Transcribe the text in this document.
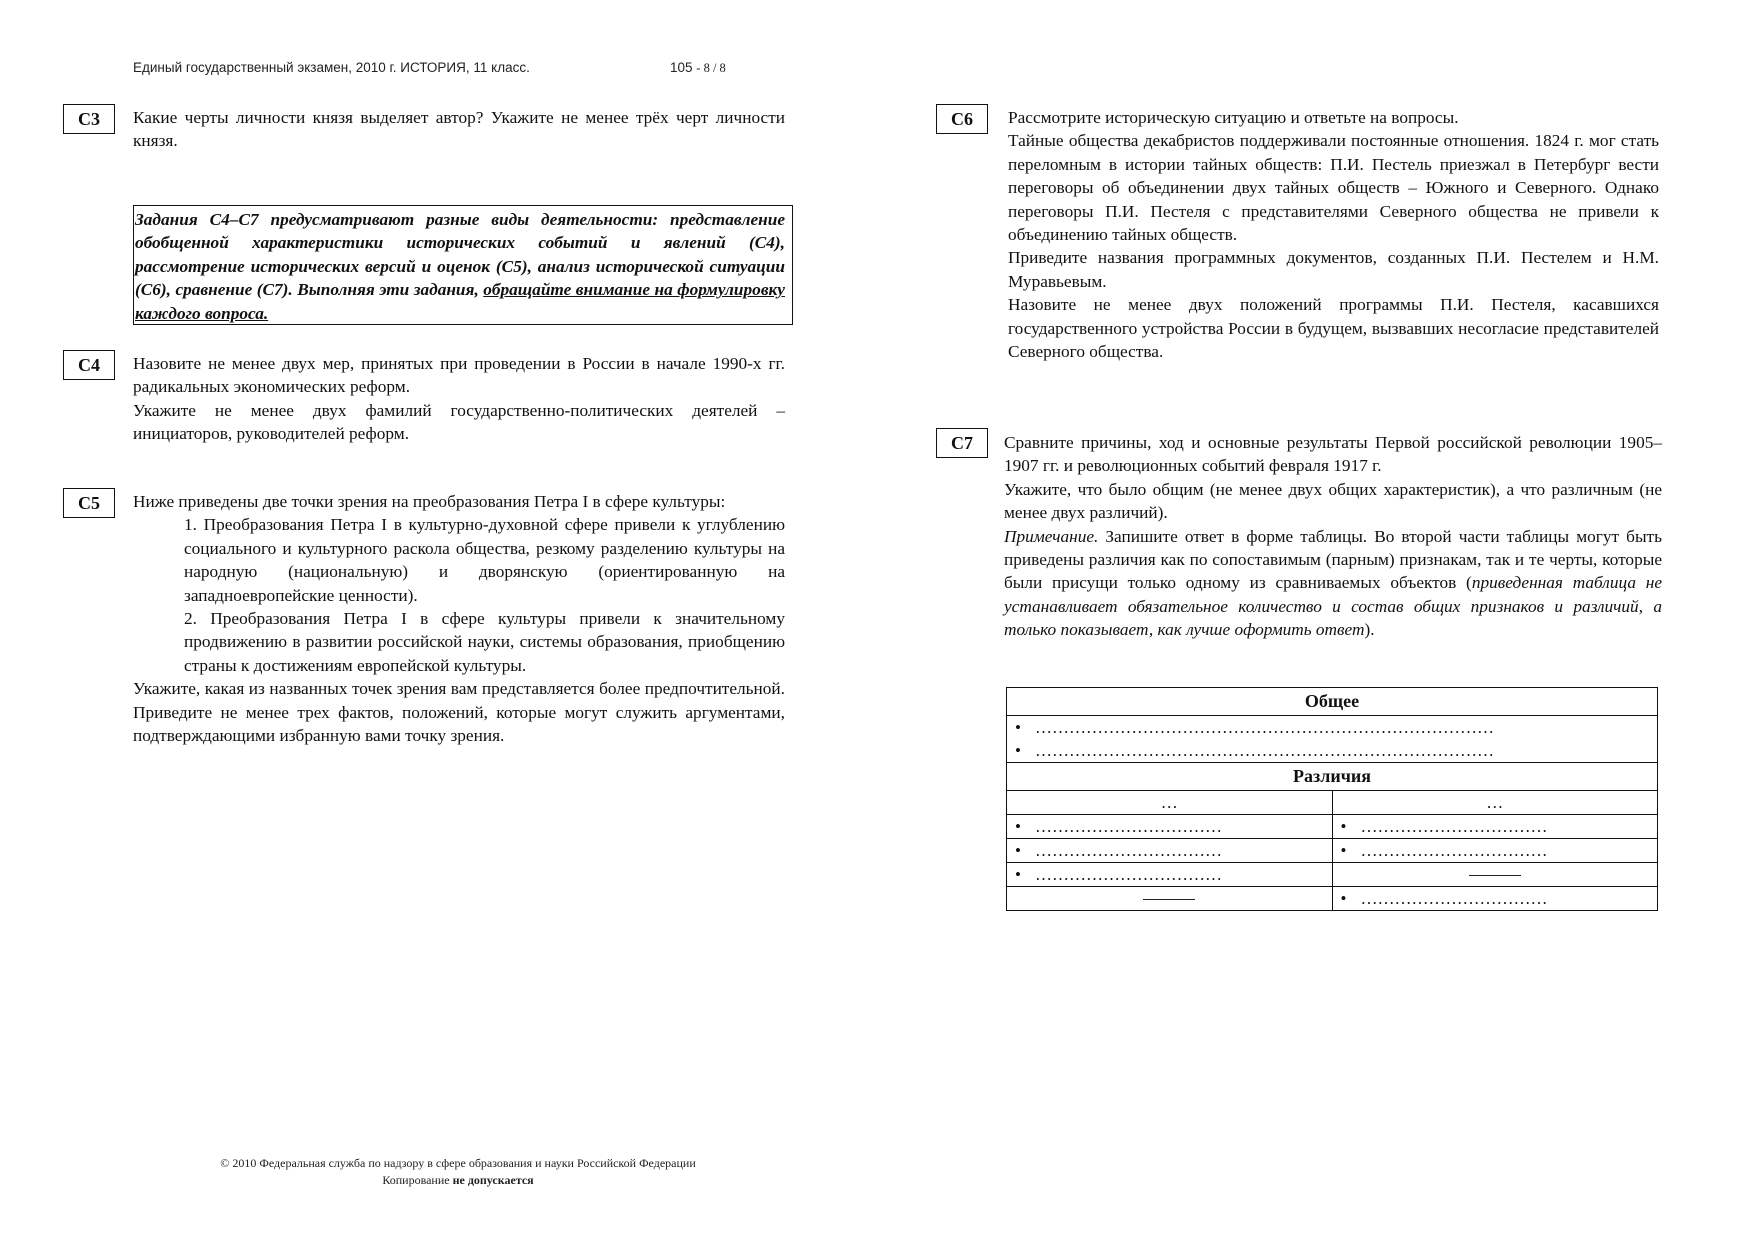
Единый государственный экзамен, 2010 г. ИСТОРИЯ, 11 класс.	105 - 8 / 8
С3	Какие черты личности князя выделяет автор? Укажите не менее трёх черт личности князя.

Задания С4–С7 предусматривают разные виды деятельности: представление обобщенной характеристики исторических событий и явлений (С4), рассмотрение исторических версий и оценок (С5), анализ исторической ситуации (С6), сравнение (С7). Выполняя эти задания, обращайте внимание на формулировку каждого вопроса.
С4	Назовите не менее двух мер, принятых при проведении в России в начале 1990-х гг. радикальных экономических реформ.

Укажите не менее двух фамилий государственно-политических деятелей – инициаторов, руководителей реформ.

С5	Ниже приведены две точки зрения на преобразования Петра I в сфере культуры:

1. Преобразования Петра I в культурно-духовной сфере привели к углублению социального и культурного раскола общества, резкому разделению культуры на народную (национальную) и дворянскую (ориентированную на западноевропейские ценности).

2. Преобразования Петра I в сфере культуры привели к значительному продвижению в развитии российской науки, системы образования, приобщению страны к достижениям европейской культуры.

Укажите, какая из названных точек зрения вам представляется более предпочтительной. Приведите не менее трех фактов, положений, которые могут служить аргументами, подтверждающими избранную вами точку зрения.

С6	Рассмотрите историческую ситуацию и ответьте на вопросы.

Тайные общества декабристов поддерживали постоянные отношения. 1824 г. мог стать переломным в истории тайных обществ: П.И. Пестель приезжал в Петербург вести переговоры об объединении двух тайных обществ – Южного и Северного. Однако переговоры П.И. Пестеля с представителями Северного общества не привели к объединению тайных обществ.

Приведите названия программных документов, созданных П.И. Пестелем и Н.М. Муравьевым.

Назовите не менее двух положений программы П.И. Пестеля, касавшихся государственного устройства России в будущем, вызвавших несогласие представителей Северного общества.

С7	Сравните причины, ход и основные результаты Первой российской революции 1905–1907 гг. и революционных событий февраля 1917 г.

Укажите, что было общим (не менее двух общих характеристик), а что различным (не менее двух различий).

Примечание. Запишите ответ в форме таблицы. Во второй части таблицы могут быть приведены различия как по сопоставимым (парным) признакам, так и те черты, которые были присущи только одному из сравниваемых объектов (приведенная таблица не устанавливает обязательное количество и состав общих признаков и различий, а только показывает, как лучше оформить ответ).

Общее	

• ………………………………………………………………………	

• ………………………………………………………………………	

Различия	
…	…

• ……………………………	• ……………………………

• ……………………………	• ……………………………

• ……………………………	

	• ……………………………
© 2010 Федеральная служба по надзору в сфере образования и науки Российской Федерации
Копирование не допускается
